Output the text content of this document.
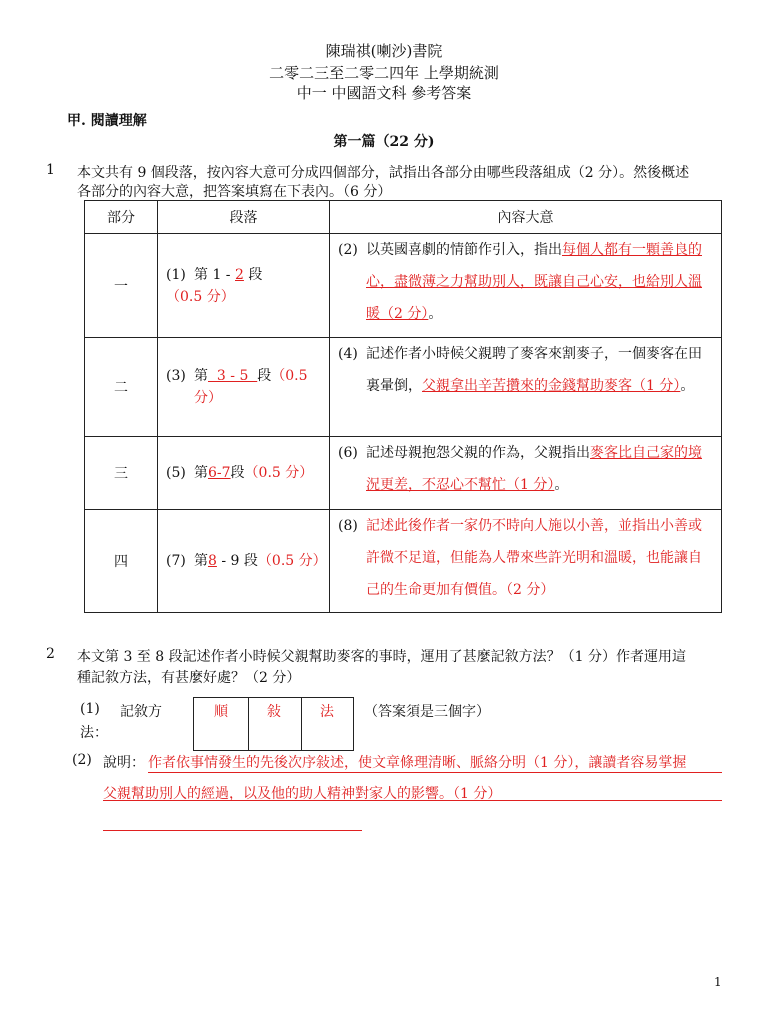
陳瑞祺(喇沙)書院
二零二三至二零二四年 上學期統測
中一 中國語文科 參考答案
甲. 閱讀理解
第一篇（22 分)
1 本文共有 9 個段落，按內容大意可分成四個部分，試指出各部分由哪些段落組成（2 分）。然後概述
各部分的內容大意，把答案填寫在下表內。（6 分）
部分	段落	內容大意
一	(1) 第 1 - 2 段（0.5 分）	(2) 以英國喜劇的情節作引入，指出每個人都有一顆善良的心，盡微薄之力幫助別人，既讓自己心安，也給別人溫暖（2 分）。

二	(3) 第  3 - 5  段（0.5 分）	(4) 記述作者小時候父親聘了麥客來割麥子，一個麥客在田裏暈倒，父親拿出辛苦攢來的金錢幫助麥客（1 分）。

三	(5) 第6-7段（0.5 分）	(6) 記述母親抱怨父親的作為，父親指出麥客比自己家的境況更差，不忍心不幫忙（1 分）。

四	(7) 第8 - 9 段（0.5 分）	(8) 記述此後作者一家仍不時向人施以小善，並指出小善或許微不足道，但能為人帶來些許光明和溫暖，也能讓自己的生命更加有價值。（2 分）
2 本文第 3 至 8 段記述作者小時候父親幫助麥客的事時，運用了甚麼記敘方法？（1 分）作者運用這
種記敘方法，有甚麼好處？（2 分）
(1) 記敘方
法：
順	敍	法	（答案須是三個字）
(2) 說明： 作者依事情發生的先後次序敍述，使文章條理清晰、脈絡分明（1 分），讓讀者容易掌握
父親幫助別人的經過，以及他的助人精神對家人的影響。（1 分）
1
